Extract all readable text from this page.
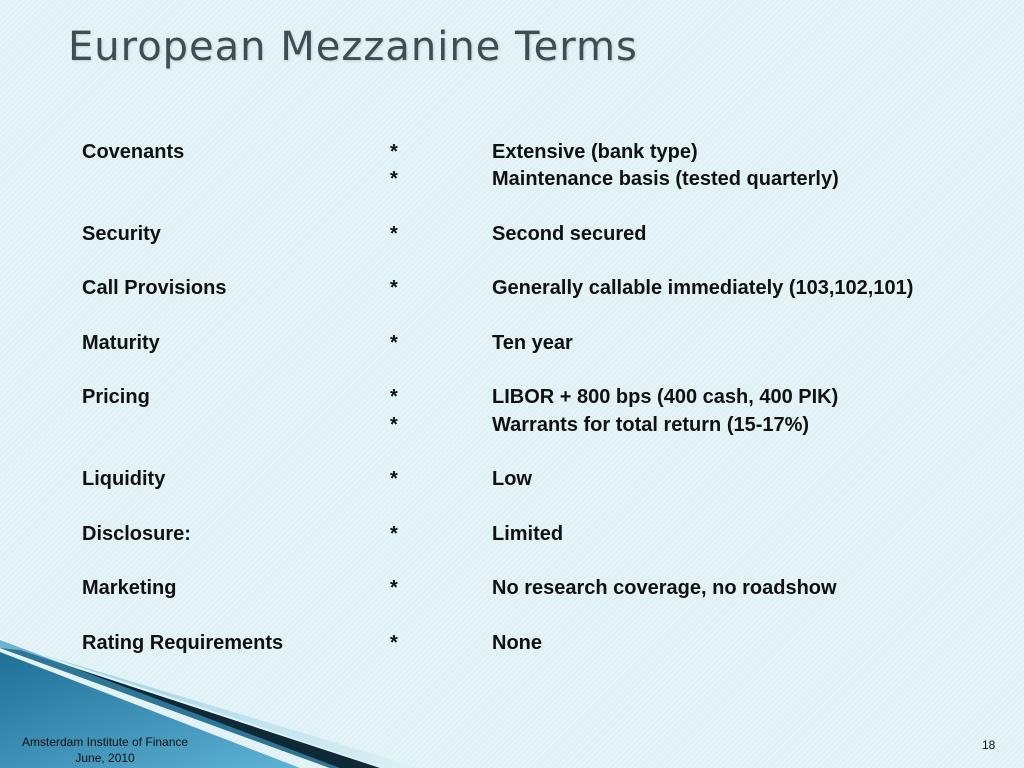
European Mezzanine Terms
Covenants	*	Extensive (bank type)
*	Maintenance basis (tested quarterly)
Security	*	Second secured
Call Provisions	*	Generally callable immediately (103,102,101)
Maturity	*	Ten year
Pricing	*	LIBOR + 800 bps (400 cash, 400 PIK)
*	Warrants for total return (15-17%)
Liquidity	*	Low
Disclosure:	*	Limited
Marketing	*	No research coverage, no roadshow
Rating Requirements	*	None
Amsterdam Institute of Finance
June, 2010
18
